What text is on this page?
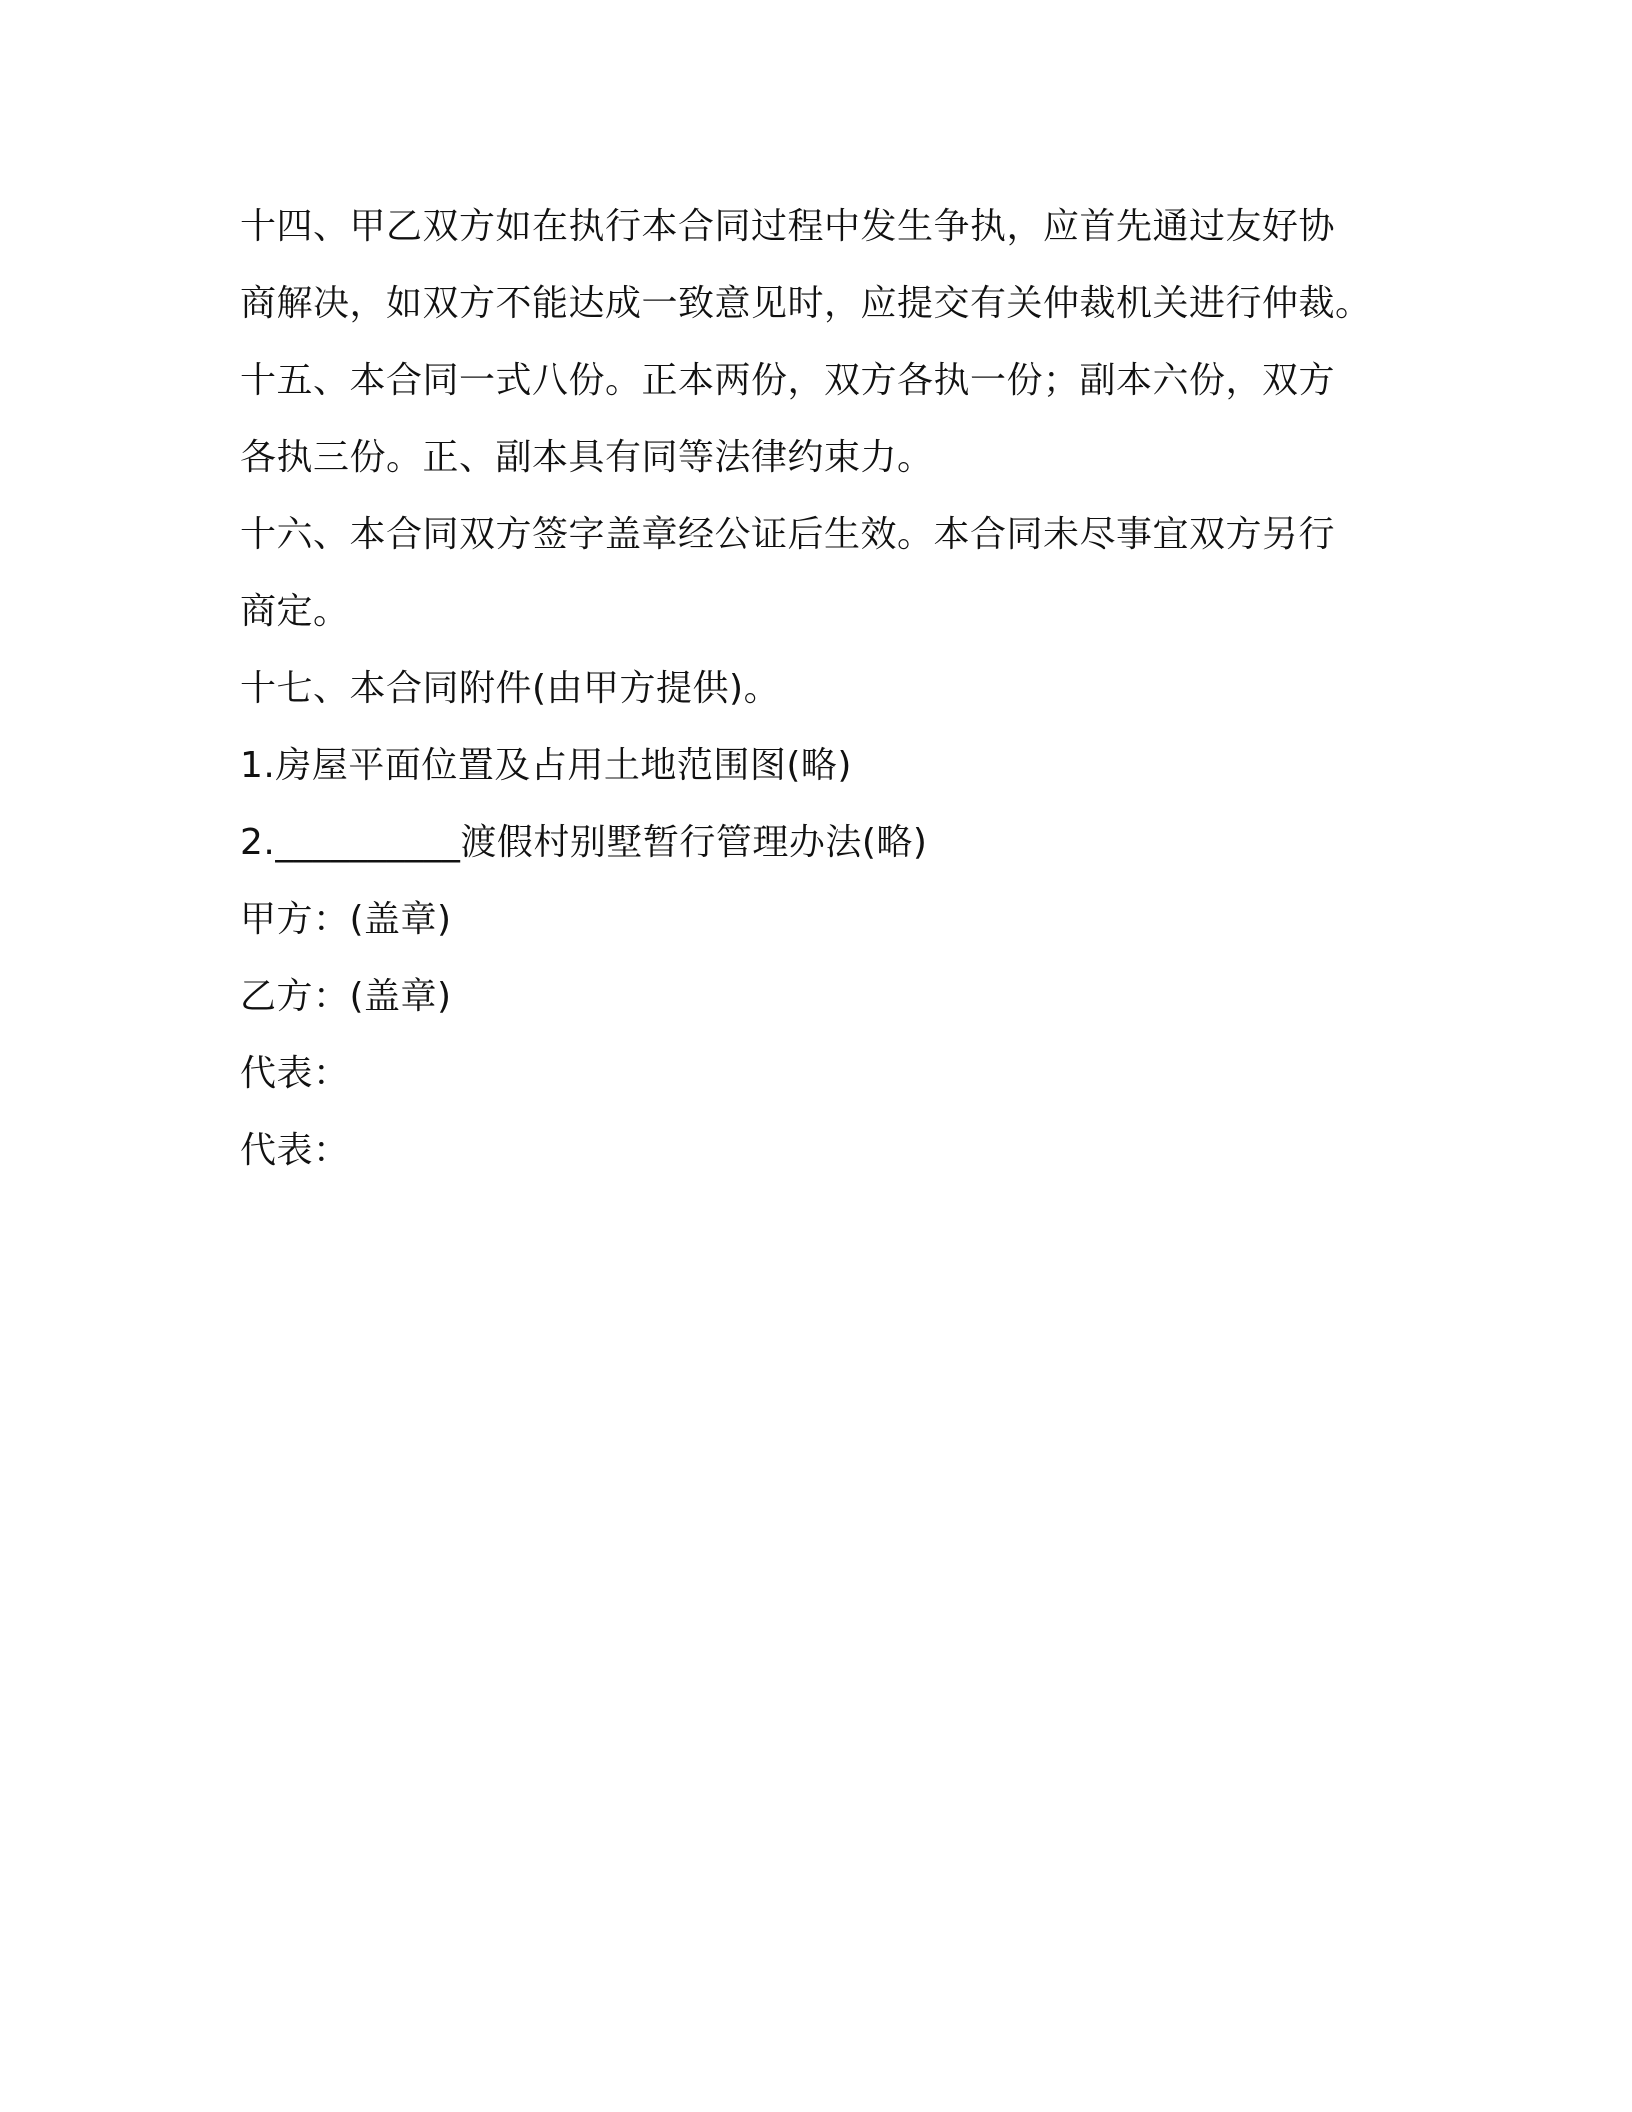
十四、甲乙双方如在执行本合同过程中发生争执，应首先通过友好协
商解决，如双方不能达成一致意见时，应提交有关仲裁机关进行仲裁。
十五、本合同一式八份。正本两份，双方各执一份；副本六份，双方
各执三份。正、副本具有同等法律约束力。
十六、本合同双方签字盖章经公证后生效。本合同未尽事宜双方另行
商定。
十七、本合同附件(由甲方提供)。
1.房屋平面位置及占用土地范围图(略)
2.__________渡假村别墅暂行管理办法(略)
甲方：(盖章)
乙方：(盖章)
代表：
代表：
